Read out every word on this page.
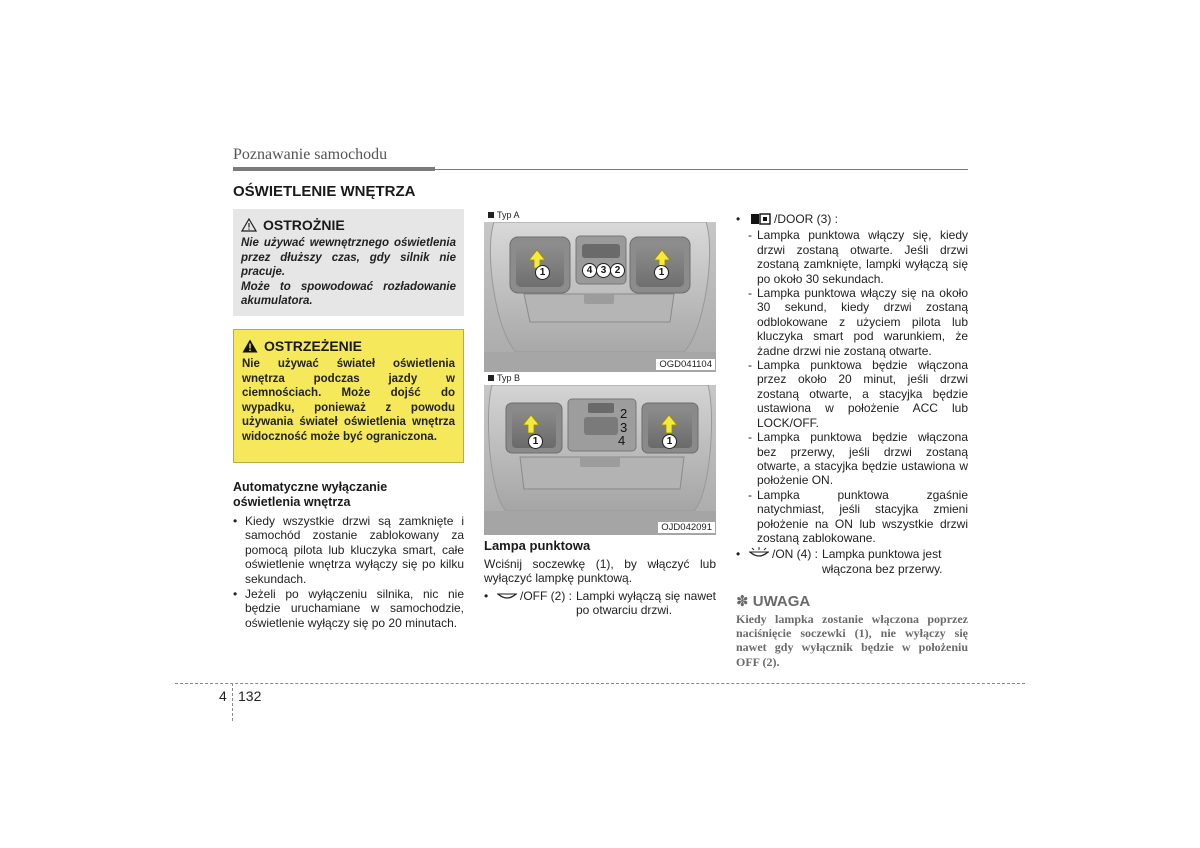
Poznawanie samochodu
OŚWIETLENIE WNĘTRZA
OSTROŻNIE

Nie używać wewnętrznego oświetlenia przez dłuższy czas, gdy silnik nie pracuje.

Może to spowodować rozładowanie akumulatora.

OSTRZEŻENIE

Nie używać świateł oświetlenia wnętrza podczas jazdy w ciemnościach. Może dojść do wypadku, ponieważ z powodu używania świateł oświetlenia wnętrza widoczność może być ograniczona.

Automatyczne wyłączanie
oświetlenia wnętrza
• Kiedy wszystkie drzwi są zamknięte i samochód zostanie zablokowany za pomocą pilota lub kluczyka smart, całe oświetlenie wnętrza wyłączy się po kilku sekundach.
• Jeżeli po wyłączeniu silnika, nic nie będzie uruchamiane w samochodzie, oświetlenie wyłączy się po 20 minutach.
Typ A
1	4 3 2	1
OGD041104
Typ B
1
2
3
4	1
OJD042091
Lampa punktowa
Wciśnij soczewkę (1), by włączyć lub wyłączyć lampkę punktową.
•	/OFF (2) : Lampki wyłączą się nawet po otwarciu drzwi.
•	/DOOR (3) :
- Lampka punktowa włączy się, kiedy drzwi zostaną otwarte. Jeśli drzwi zostaną zamknięte, lampki wyłączą się po około 30 sekundach.
- Lampka punktowa włączy się na około 30 sekund, kiedy drzwi zostaną odblokowane z użyciem pilota lub kluczyka smart pod warunkiem, że żadne drzwi nie zostaną otwarte.
- Lampka punktowa będzie włączona przez około 20 minut, jeśli drzwi zostaną otwarte, a stacyjka będzie ustawiona w położenie ACC lub LOCK/OFF.
- Lampka punktowa będzie włączona bez przerwy, jeśli drzwi zostaną otwarte, a stacyjka będzie ustawiona w położenie ON.
- Lampka punktowa zgaśnie natychmiast, jeśli stacyjka zmieni położenie na ON lub wszystkie drzwi zostaną zablokowane.
•	/ON (4) : Lampka punktowa jest włączona bez przerwy.
✽ UWAGA

Kiedy lampka zostanie włączona poprzez naciśnięcie soczewki (1), nie wyłączy się nawet gdy wyłącznik będzie w położeniu OFF (2).

4 132
